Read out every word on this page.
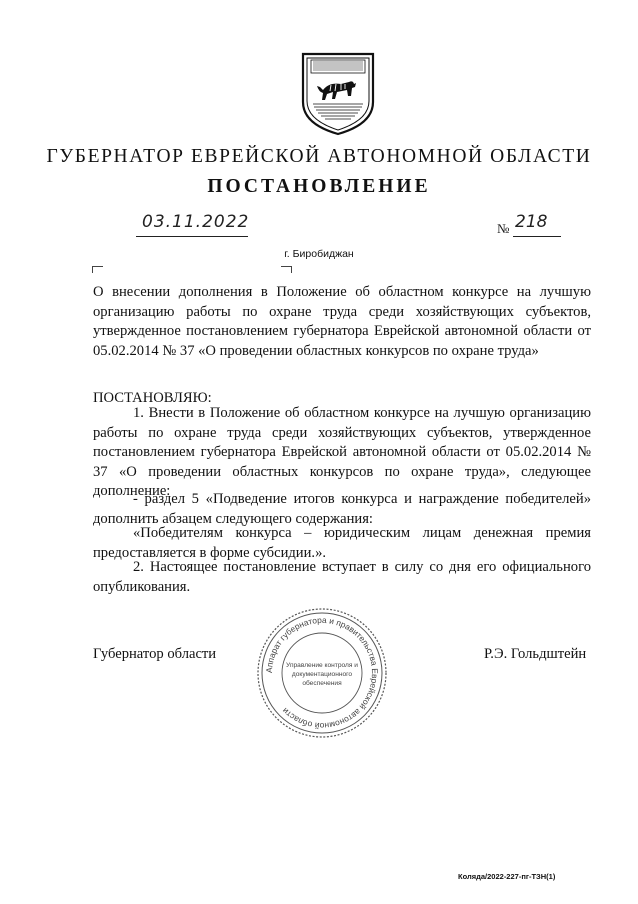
ГУБЕРНАТОР ЕВРЕЙСКОЙ АВТОНОМНОЙ ОБЛАСТИ
ПОСТАНОВЛЕНИЕ
03.11.2022	№ 218
г. Биробиджан

О внесении дополнения в Положение об областном конкурсе на лучшую организацию работы по охране труда среди хозяйствующих субъектов, утвержденное постановлением губернатора Еврейской автономной области от 05.02.2014 № 37 «О проведении областных конкурсов по охране труда»

ПОСТАНОВЛЯЮ:

1. Внести в Положение об областном конкурсе на лучшую организацию работы по охране труда среди хозяйствующих субъектов, утвержденное постановлением губернатора Еврейской автономной области от 05.02.2014 № 37 «О проведении областных конкурсов по охране труда», следующее дополнение:

- раздел 5 «Подведение итогов конкурса и награждение победителей» дополнить абзацем следующего содержания:

«Победителям конкурса – юридическим лицам денежная премия предоставляется в форме субсидии.».

2. Настоящее постановление вступает в силу со дня его официального опубликования.

Губернатор области	Р.Э. Гольдштейн
Аппарат губернатора и правительства Еврейской автономной области
Управление контроля и
документационного
обеспечения
Коляда/2022-227-пг-ТЗН(1)
